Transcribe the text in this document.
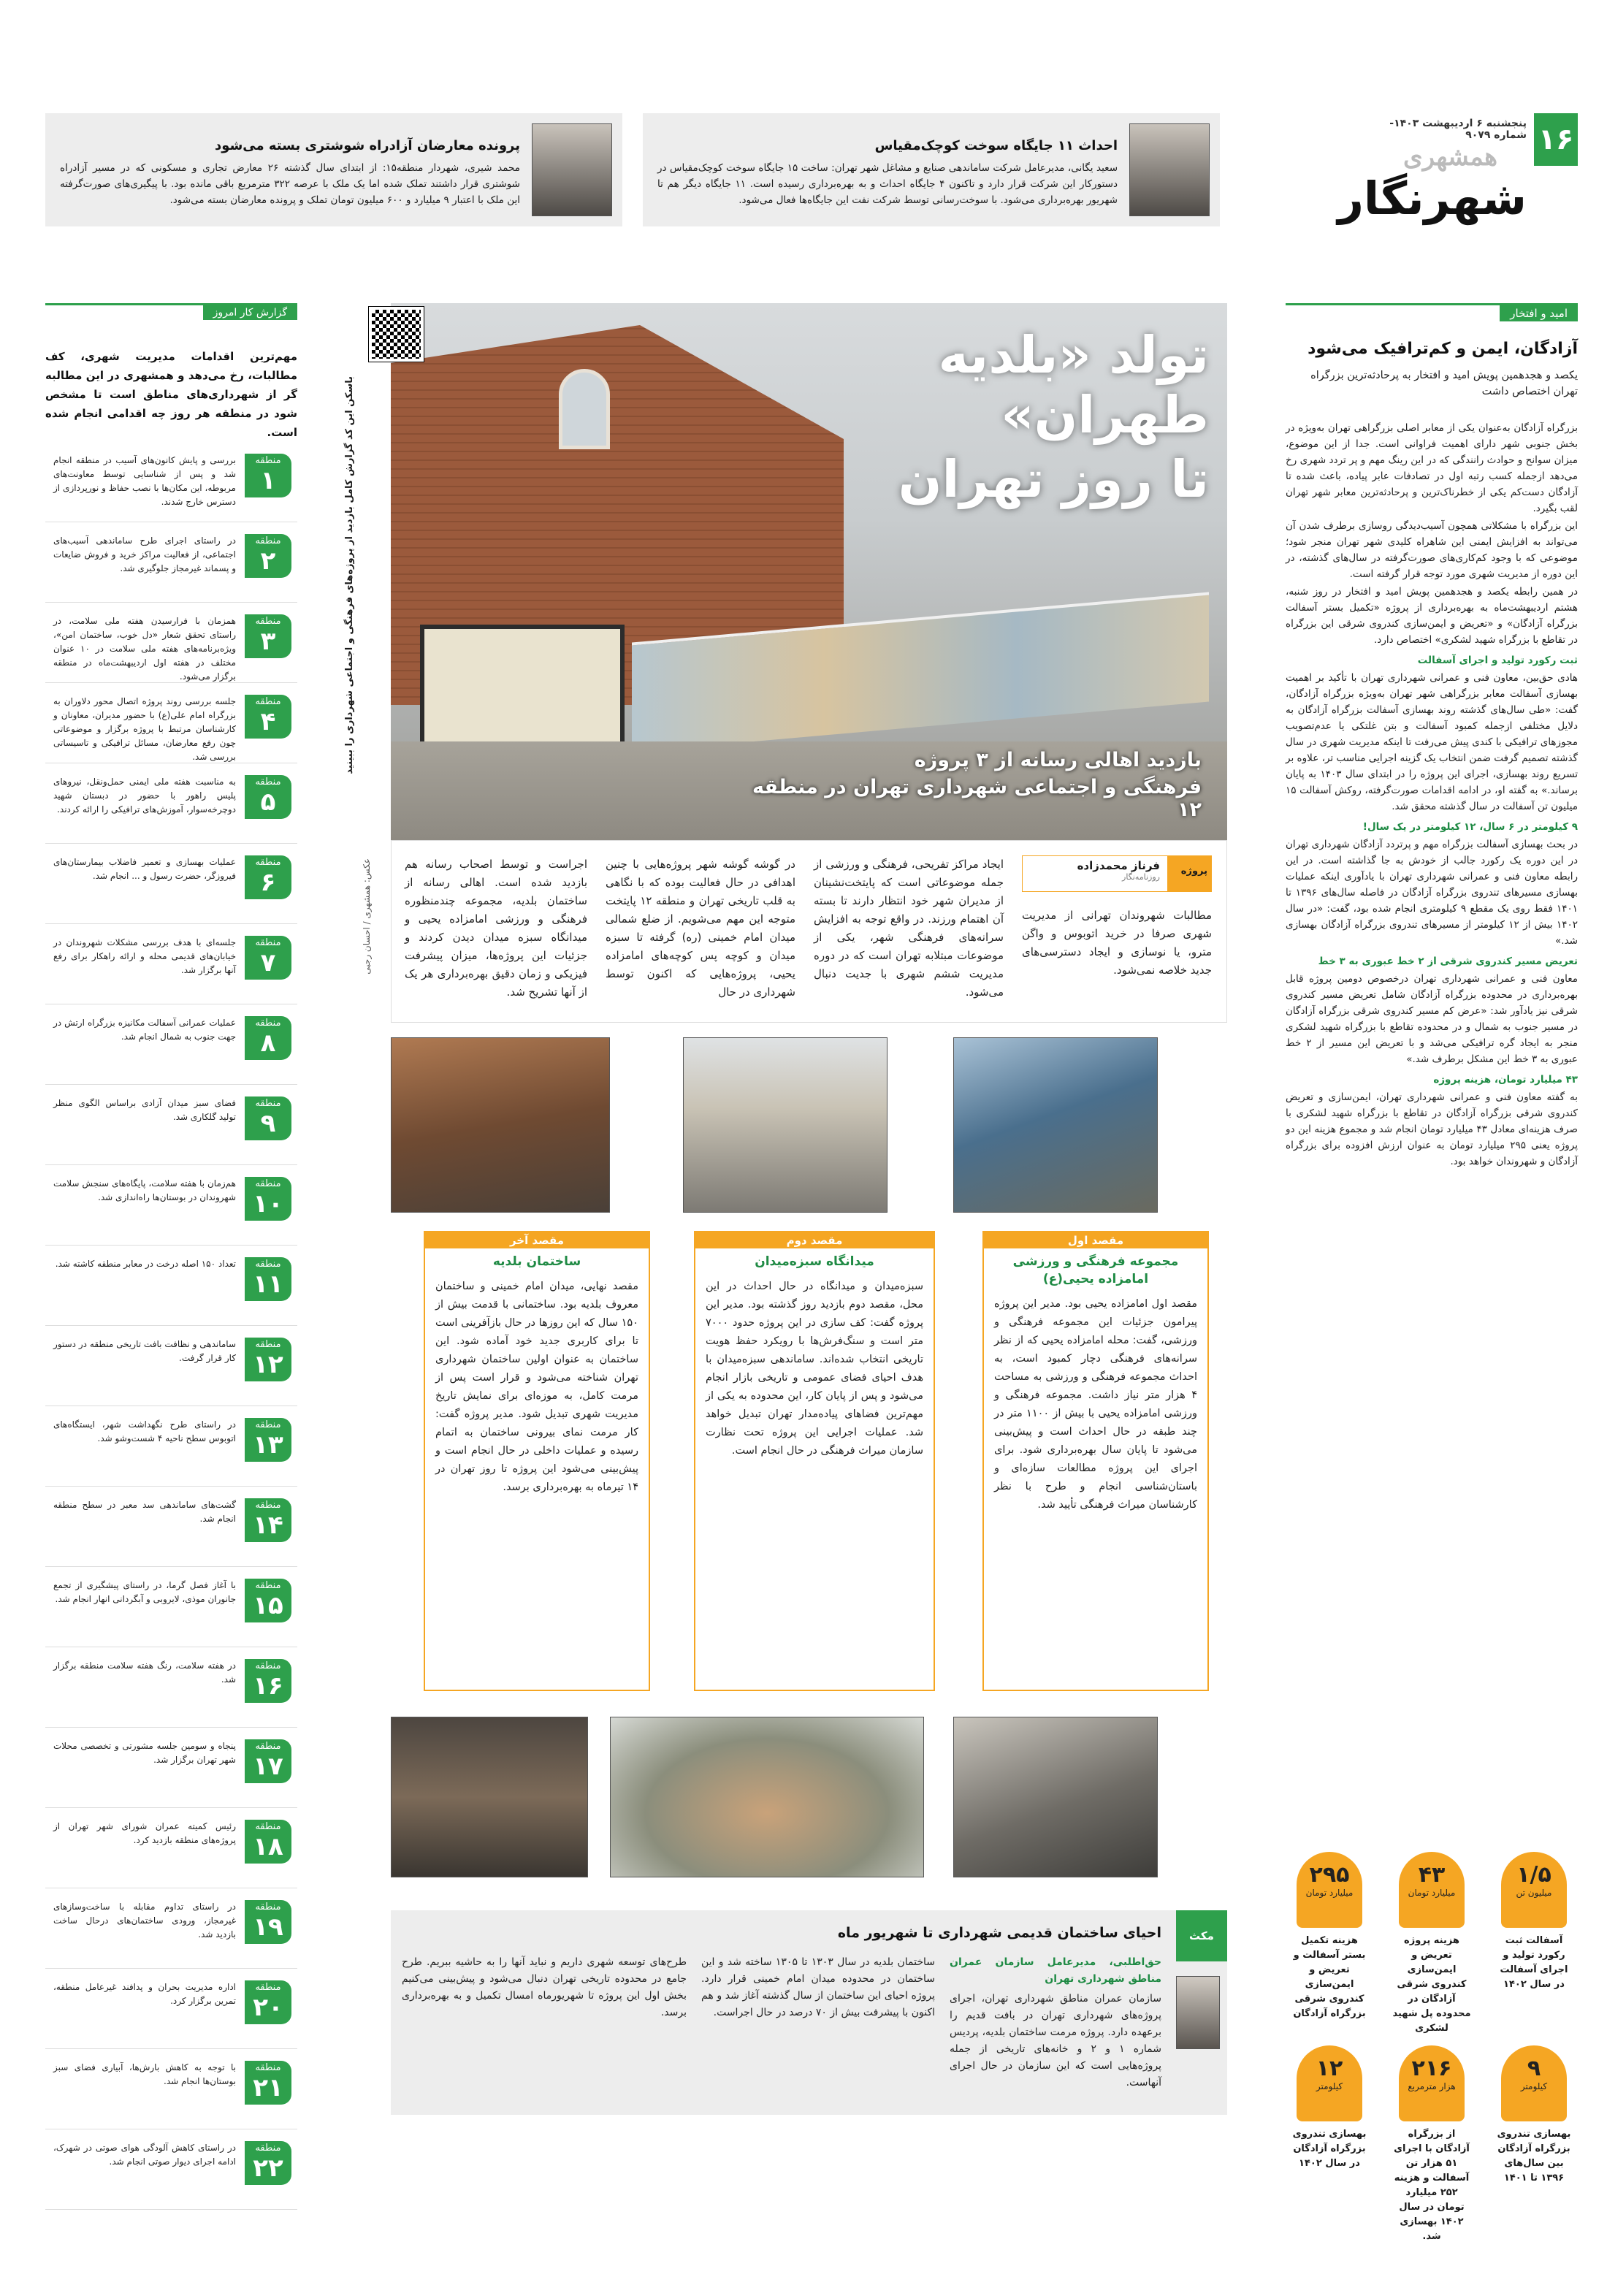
۱۶
پنجشنبه ۶ اردیبهشت ۱۴۰۳- شماره ۹۰۷۹
همشهری
شهرنگار
احداث ۱۱ جایگاه سوخت کوچک‌مقیاس
سعید یگانی، مدیرعامل شرکت ساماندهی صنایع و مشاغل شهر تهران: ساخت ۱۵ جایگاه سوخت کوچک‌مقیاس در دستورکار این شرکت قرار دارد و تاکنون ۴ جایگاه احداث و به بهره‌برداری رسیده است. ۱۱ جایگاه دیگر هم تا شهریور بهره‌برداری می‌شود. با سوخت‌رسانی توسط شرکت نفت این جایگاه‌ها فعال می‌شود.
پرونده معارضان آزادراه شوشتری بسته می‌شود
محمد شیری، شهردار منطقه۱۵: از ابتدای سال گذشته ۲۶ معارض تجاری و مسکونی که در مسیر آزادراه شوشتری قرار داشتند تملک شده اما یک ملک با عرصه ۳۲۲ مترمربع باقی مانده بود. با پیگیری‌های صورت‌گرفته این ملک با اعتبار ۹ میلیارد و ۶۰۰ میلیون تومان تملک و پرونده معارضان بسته می‌شود.
امید و افتخار
آزادگان، ایمن و کم‌ترافیک می‌شود
یکصد و هجدهمین پویش امید و افتخار به پرحادثه‌ترین بزرگراه تهران اختصاص داشت

بزرگراه آزادگان به‌عنوان یکی از معابر اصلی بزرگراهی تهران به‌ویژه در بخش جنوبی شهر دارای اهمیت فراوانی است. جدا از این موضوع، میزان سوانح و حوادث رانندگی که در این رینگ مهم و پر تردد شهری رخ می‌دهد ازجمله کسب رتبه اول در تصادفات عابر پیاده، باعث شده تا آزادگان دست‌کم یکی از خطرناک‌ترین و پرحادثه‌ترین معابر شهر تهران لقب بگیرد.

این بزرگراه با مشکلاتی همچون آسیب‌دیدگی روسازی برطرف شدن آن می‌تواند به افزایش ایمنی این شاهراه کلیدی شهر تهران منجر شود؛ موضوعی که با وجود کم‌کاری‌های صورت‌گرفته در سال‌های گذشته، در این دوره از مدیریت شهری مورد توجه قرار گرفته است.

در همین رابطه یکصد و هجدهمین پویش امید و افتخار در روز شنبه، هشتم اردیبهشت‌ماه به بهره‌برداری از پروژه «تکمیل بستر آسفالت بزرگراه آزادگان» و «تعریض و ایمن‌سازی کندروی شرقی این بزرگراه در تقاطع با بزرگراه شهید لشکری» اختصاص دارد.

ثبت رکورد تولید و اجرای آسفالت

هادی حق‌بین، معاون فنی و عمرانی شهرداری تهران با تأکید بر اهمیت بهسازی آسفالت معابر بزرگراهی شهر تهران به‌ویژه بزرگراه آزادگان، گفت: «طی سال‌های گذشته روند بهسازی آسفالت بزرگراه آزادگان به دلایل مختلفی ازجمله کمبود آسفالت و بتن غلتکی یا عدم‌تصویب مجوزهای ترافیکی با کندی پیش می‌رفت تا اینکه مدیریت شهری در سال گذشته تصمیم گرفت ضمن انتخاب یک گزینه اجرایی مناسب تر، علاوه بر تسریع روند بهسازی، اجرای این پروژه را در ابتدای سال ۱۴۰۳ به پایان برساند.» به گفته او، در ادامه اقدامات صورت‌گرفته، روکش آسفالت ۱۵ میلیون تن آسفالت در سال گذشته محقق شد.

۹ کیلومتر در ۶ سال، ۱۲ کیلومتر در یک سال!

در بحث بهسازی آسفالت بزرگراه مهم و پرتردد آزادگان شهرداری تهران در این دوره یک رکورد جالب از خودش به جا گذاشته است. در این رابطه معاون فنی و عمرانی شهرداری تهران با یادآوری اینکه عملیات بهسازی مسیرهای تندروی بزرگراه آزادگان در فاصله سال‌های ۱۳۹۶ تا ۱۴۰۱ فقط روی یک مقطع ۹ کیلومتری انجام شده بود، گفت: «در سال ۱۴۰۲ بیش از ۱۲ کیلومتر از مسیرهای تندروی بزرگراه آزادگان بهسازی شد.»

تعریض مسیر کندروی شرقی از ۲ خط عبوری به ۳ خط

معاون فنی و عمرانی شهرداری تهران درخصوص دومین پروژه قابل بهره‌برداری در محدوده بزرگراه آزادگان شامل تعریض مسیر کندروی شرقی نیز یادآور شد: «عرض کم مسیر کندروی شرقی بزرگراه آزادگان در مسیر جنوب به شمال و در محدوده تقاطع با بزرگراه شهید لشکری منجر به ایجاد گره ترافیکی می‌شد و با تعریض این مسیر از ۲ خط عبوری به ۳ خط این مشکل برطرف شد.»

۴۳ میلیارد تومان، هزینه پروژه

به گفته معاون فنی و عمرانی شهرداری تهران، ایمن‌سازی و تعریض کندروی شرقی بزرگراه آزادگان در تقاطع با بزرگراه شهید لشکری با صرف هزینه‌ای معادل ۴۳ میلیارد تومان انجام شد و مجموع هزینه این دو پروژه یعنی ۲۹۵ میلیارد تومان به عنوان ارزش افزوده برای بزرگراه آزادگان و شهروندان خواهد بود.

۱/۵
میلیون تن
آسفالت ثبت رکورد تولید و اجرای آسفالت در سال ۱۴۰۲
۴۳
میلیارد تومان
هزینه پروژه تعریض و ایمن‌سازی کندروی شرقی آزادگان در محدوده پل شهید لشکری
۲۹۵
میلیارد تومان
هزینه تکمیل بستر آسفالت و تعریض و ایمن‌سازی کندروی شرقی بزرگراه آزادگان
۹
کیلومتر
بهسازی تندروی بزرگراه آزادگان بین سال‌های ۱۳۹۶ تا ۱۴۰۱
۲۱۶
هزار مترمربع
از بزرگراه آزادگان با اجرای ۵۱ هزار تن آسفالت و هزینه ۲۵۲ میلیارد تومان در سال ۱۴۰۲ بهسازی شد.
۱۲
کیلومتر
بهسازی تندروی بزرگراه آزادگان در سال ۱۴۰۲
گزارش کار امروز
مهم‌ترین اقدامات مدیریت شهری، کف مطالبات، رخ می‌دهد و همشهری در این مطالبه گر از شهرداری‌های مناطق است تا مشخص شود در منطقه هر روز چه اقدامی انجام شده است.
منطقه
۱
بررسی و پایش کانون‌های آسیب در منطقه انجام شد و پس از شناسایی توسط معاونت‌های مربوطه، این مکان‌ها با نصب حفاظ و نورپردازی از دسترس خارج شدند.
منطقه
۲
در راستای اجرای طرح ساماندهی آسیب‌های اجتماعی، از فعالیت مراکز خرید و فروش ضایعات و پسماند غیرمجاز جلوگیری شد.
منطقه
۳
همزمان با فرارسیدن هفته ملی سلامت، در راستای تحقق شعار «دل خوب، ساختمان امن»، ویژه‌برنامه‌های هفته ملی سلامت در ۱۰ عنوان مختلف در هفته اول اردیبهشت‌ماه در منطقه برگزار می‌شود.
منطقه
۴
جلسه بررسی روند پروژه اتصال محور دلاوران به بزرگراه امام علی(ع) با حضور مدیران، معاونان و کارشناسان مرتبط با پروژه برگزار و موضوعاتی چون رفع معارضان، مسائل ترافیکی و تاسیساتی بررسی شد.
منطقه
۵
به مناسبت هفته ملی ایمنی حمل‌ونقل، نیروهای پلیس راهور با حضور در دبستان شهید دوچرخه‌سوار، آموزش‌های ترافیکی را ارائه کردند.
منطقه
۶
عملیات بهسازی و تعمیر فاضلاب بیمارستان‌های فیروزگر، حضرت رسول و ... انجام شد.
منطقه
۷
جلسه‌ای با هدف بررسی مشکلات شهروندان در خیابان‌های قدیمی محله و ارائه راهکار برای رفع آنها برگزار شد.
منطقه
۸
عملیات عمرانی آسفالت مکانیزه بزرگراه ارتش در جهت جنوب به شمال انجام شد.
منطقه
۹
فضای سبز میدان آزادی براساس الگوی منظر تولید گلکاری شد.
منطقه
۱۰
هم‌زمان با هفته سلامت، پایگاه‌های سنجش سلامت شهروندان در بوستان‌ها راه‌اندازی شد.
منطقه
۱۱
تعداد ۱۵۰ اصله درخت در معابر منطقه کاشته شد.
منطقه
۱۲
ساماندهی و نظافت بافت تاریخی منطقه در دستور کار قرار گرفت.
منطقه
۱۳
در راستای طرح نگهداشت شهر، ایستگاه‌های اتوبوس سطح ناحیه ۴ شست‌وشو شد.
منطقه
۱۴
گشت‌های ساماندهی سد معبر در سطح منطقه انجام شد.
منطقه
۱۵
با آغاز فصل گرما، در راستای پیشگیری از تجمع جانوران موذی، لایروبی و آبگردانی انهار انجام شد.
منطقه
۱۶
در هفته سلامت، رنگ هفته سلامت منطقه برگزار شد.
منطقه
۱۷
پنجاه و سومین جلسه مشورتی و تخصصی محلات شهر تهران برگزار شد.
منطقه
۱۸
رئیس کمیته عمران شورای شهر تهران از پروژه‌های منطقه بازدید کرد.
منطقه
۱۹
در راستای تداوم مقابله با ساخت‌وسازهای غیرمجاز، ورودی ساختمان‌های درحال ساخت بازدید شد.
منطقه
۲۰
اداره مدیریت بحران و پدافند غیرعامل منطقه، تمرین برگزار کرد.
منطقه
۲۱
با توجه به کاهش بارش‌ها، آبیاری فضای سبز بوستان‌ها انجام شد.
منطقه
۲۲
در راستای کاهش آلودگی هوای صوتی در شهرک، ادامه اجرای دیوار صوتی انجام شد.
تولد «بلدیه طهران»
تا روز تهران
باسکن این کد گزارش کامل بازدید از پروژه‌های فرهنگی و اجتماعی شهرداری را ببینید
عکس: همشهری / احسان رجبی
بازدید اهالی رسانه از ۳ پروژه
فرهنگی و اجتماعی شهرداری تهران در منطقه ۱۲
پروژه
فرناز محمدزاده
روزنامه‌نگار
مطالبات شهروندان تهرانی از مدیریت شهری صرفا در خرید اتوبوس و واگن مترو، یا نوسازی و ایجاد دسترسی‌های جدید خلاصه نمی‌شود.
ایجاد مراکز تفریحی، فرهنگی و ورزشی از جمله موضوعاتی است که پایتخت‌نشینان از مدیران شهر خود انتظار دارند تا بسته آن اهتمام ورزند. در واقع توجه به افزایش سرانه‌های فرهنگی شهر، یکی از موضوعات مبتلابه تهران است که در دوره مدیریت ششم شهری با جدیت دنبال می‌شود.
در گوشه گوشه شهر پروژه‌هایی با چنین اهدافی در حال فعالیت بوده که با نگاهی به قلب تاریخی تهران و منطقه ۱۲ پایتخت متوجه این مهم می‌شویم. از ضلع شمالی میدان امام خمینی (ره) گرفته تا سبزه میدان و کوچه پس کوچه‌های امامزاده یحیی، پروژه‌هایی که اکنون توسط شهرداری در حال
اجراست و توسط اصحاب رسانه هم بازدید شده است. اهالی رسانه از ساختمان بلدیه، مجموعه چندمنظوره فرهنگی و ورزشی امامزاده یحیی و میدانگاه سبزه میدان دیدن کردند و جزئیات این پروژه‌ها، میزان پیشرفت فیزیکی و زمان دقیق بهره‌برداری هر یک از آنها تشریح شد.
مقصد اول
مجموعه فرهنگی و ورزشی امامزاده یحیی(ع)
مقصد اول امامزاده یحیی بود. مدیر این پروژه پیرامون جزئیات این مجموعه فرهنگی و ورزشی، گفت: محله امامزاده یحیی که از نظر سرانه‌های فرهنگی دچار کمبود است، به احداث مجموعه فرهنگی و ورزشی به مساحت ۴ هزار متر نیاز داشت. مجموعه فرهنگی و ورزشی امامزاده یحیی با بیش از ۱۱۰۰ متر در چند طبقه در حال احداث است و پیش‌بینی می‌شود تا پایان سال بهره‌برداری شود. برای اجرای این پروژه مطالعات سازه‌ای و باستان‌شناسی انجام و طرح با نظر کارشناسان میراث فرهنگی تأیید شد.
مقصد دوم
میدانگاه سبزه‌میدان
سبزه‌میدان و میدانگاه در حال احداث در این محل، مقصد دوم بازدید روز گذشته بود. مدیر این پروژه گفت: کف سازی در این پروژه حدود ۷۰۰۰ متر است و سنگ‌فرش‌ها با رویکرد حفظ هویت تاریخی انتخاب شده‌اند. ساماندهی سبزه‌میدان با هدف احیای فضای عمومی و تاریخی بازار انجام می‌شود و پس از پایان کار، این محدوده به یکی از مهم‌ترین فضاهای پیاده‌مدار تهران تبدیل خواهد شد. عملیات اجرایی این پروژه تحت نظارت سازمان میراث فرهنگی در حال انجام است.
مقصد آخر
ساختمان بلدیه
مقصد نهایی، میدان امام خمینی و ساختمان معروف بلدیه بود. ساختمانی با قدمت بیش از ۱۵۰ سال که این روزها در حال بازآفرینی است تا برای کاربری جدید خود آماده شود. این ساختمان به عنوان اولین ساختمان شهرداری تهران شناخته می‌شود و قرار است پس از مرمت کامل، به موزه‌ای برای نمایش تاریخ مدیریت شهری تبدیل شود. مدیر پروژه گفت: کار مرمت نمای بیرونی ساختمان به اتمام رسیده و عملیات داخلی در حال انجام است و پیش‌بینی می‌شود این پروژه تا روز تهران در ۱۴ تیرماه به بهره‌برداری برسد.
مکث
احیای ساختمان قدیمی شهرداری تا شهریور ماه
حق‌اطلبی، مدیرعامل سازمان عمران مناطق شهرداری تهران
سازمان عمران مناطق شهرداری تهران، اجرای پروژه‌های شهرداری تهران در بافت قدیم را برعهده دارد. پروژه مرمت ساختمان بلدیه، پردیس شماره ۱ و ۲ و خانه‌های تاریخی از جمله پروژه‌هایی است که این سازمان در حال اجرای آنهاست.
ساختمان بلدیه در سال ۱۳۰۳ تا ۱۳۰۵ ساخته شد و این ساختمان در محدوده میدان امام خمینی قرار دارد. پروژه احیای این ساختمان از سال گذشته آغاز شد و هم اکنون با پیشرفت بیش از ۷۰ درصد در حال اجراست.
طرح‌های توسعه شهری داریم و نباید آنها را به حاشیه ببریم. طرح جامع در محدوده تاریخی تهران دنبال می‌شود و پیش‌بینی می‌کنیم بخش اول این پروژه تا شهریورماه امسال تکمیل و به بهره‌برداری برسد.
